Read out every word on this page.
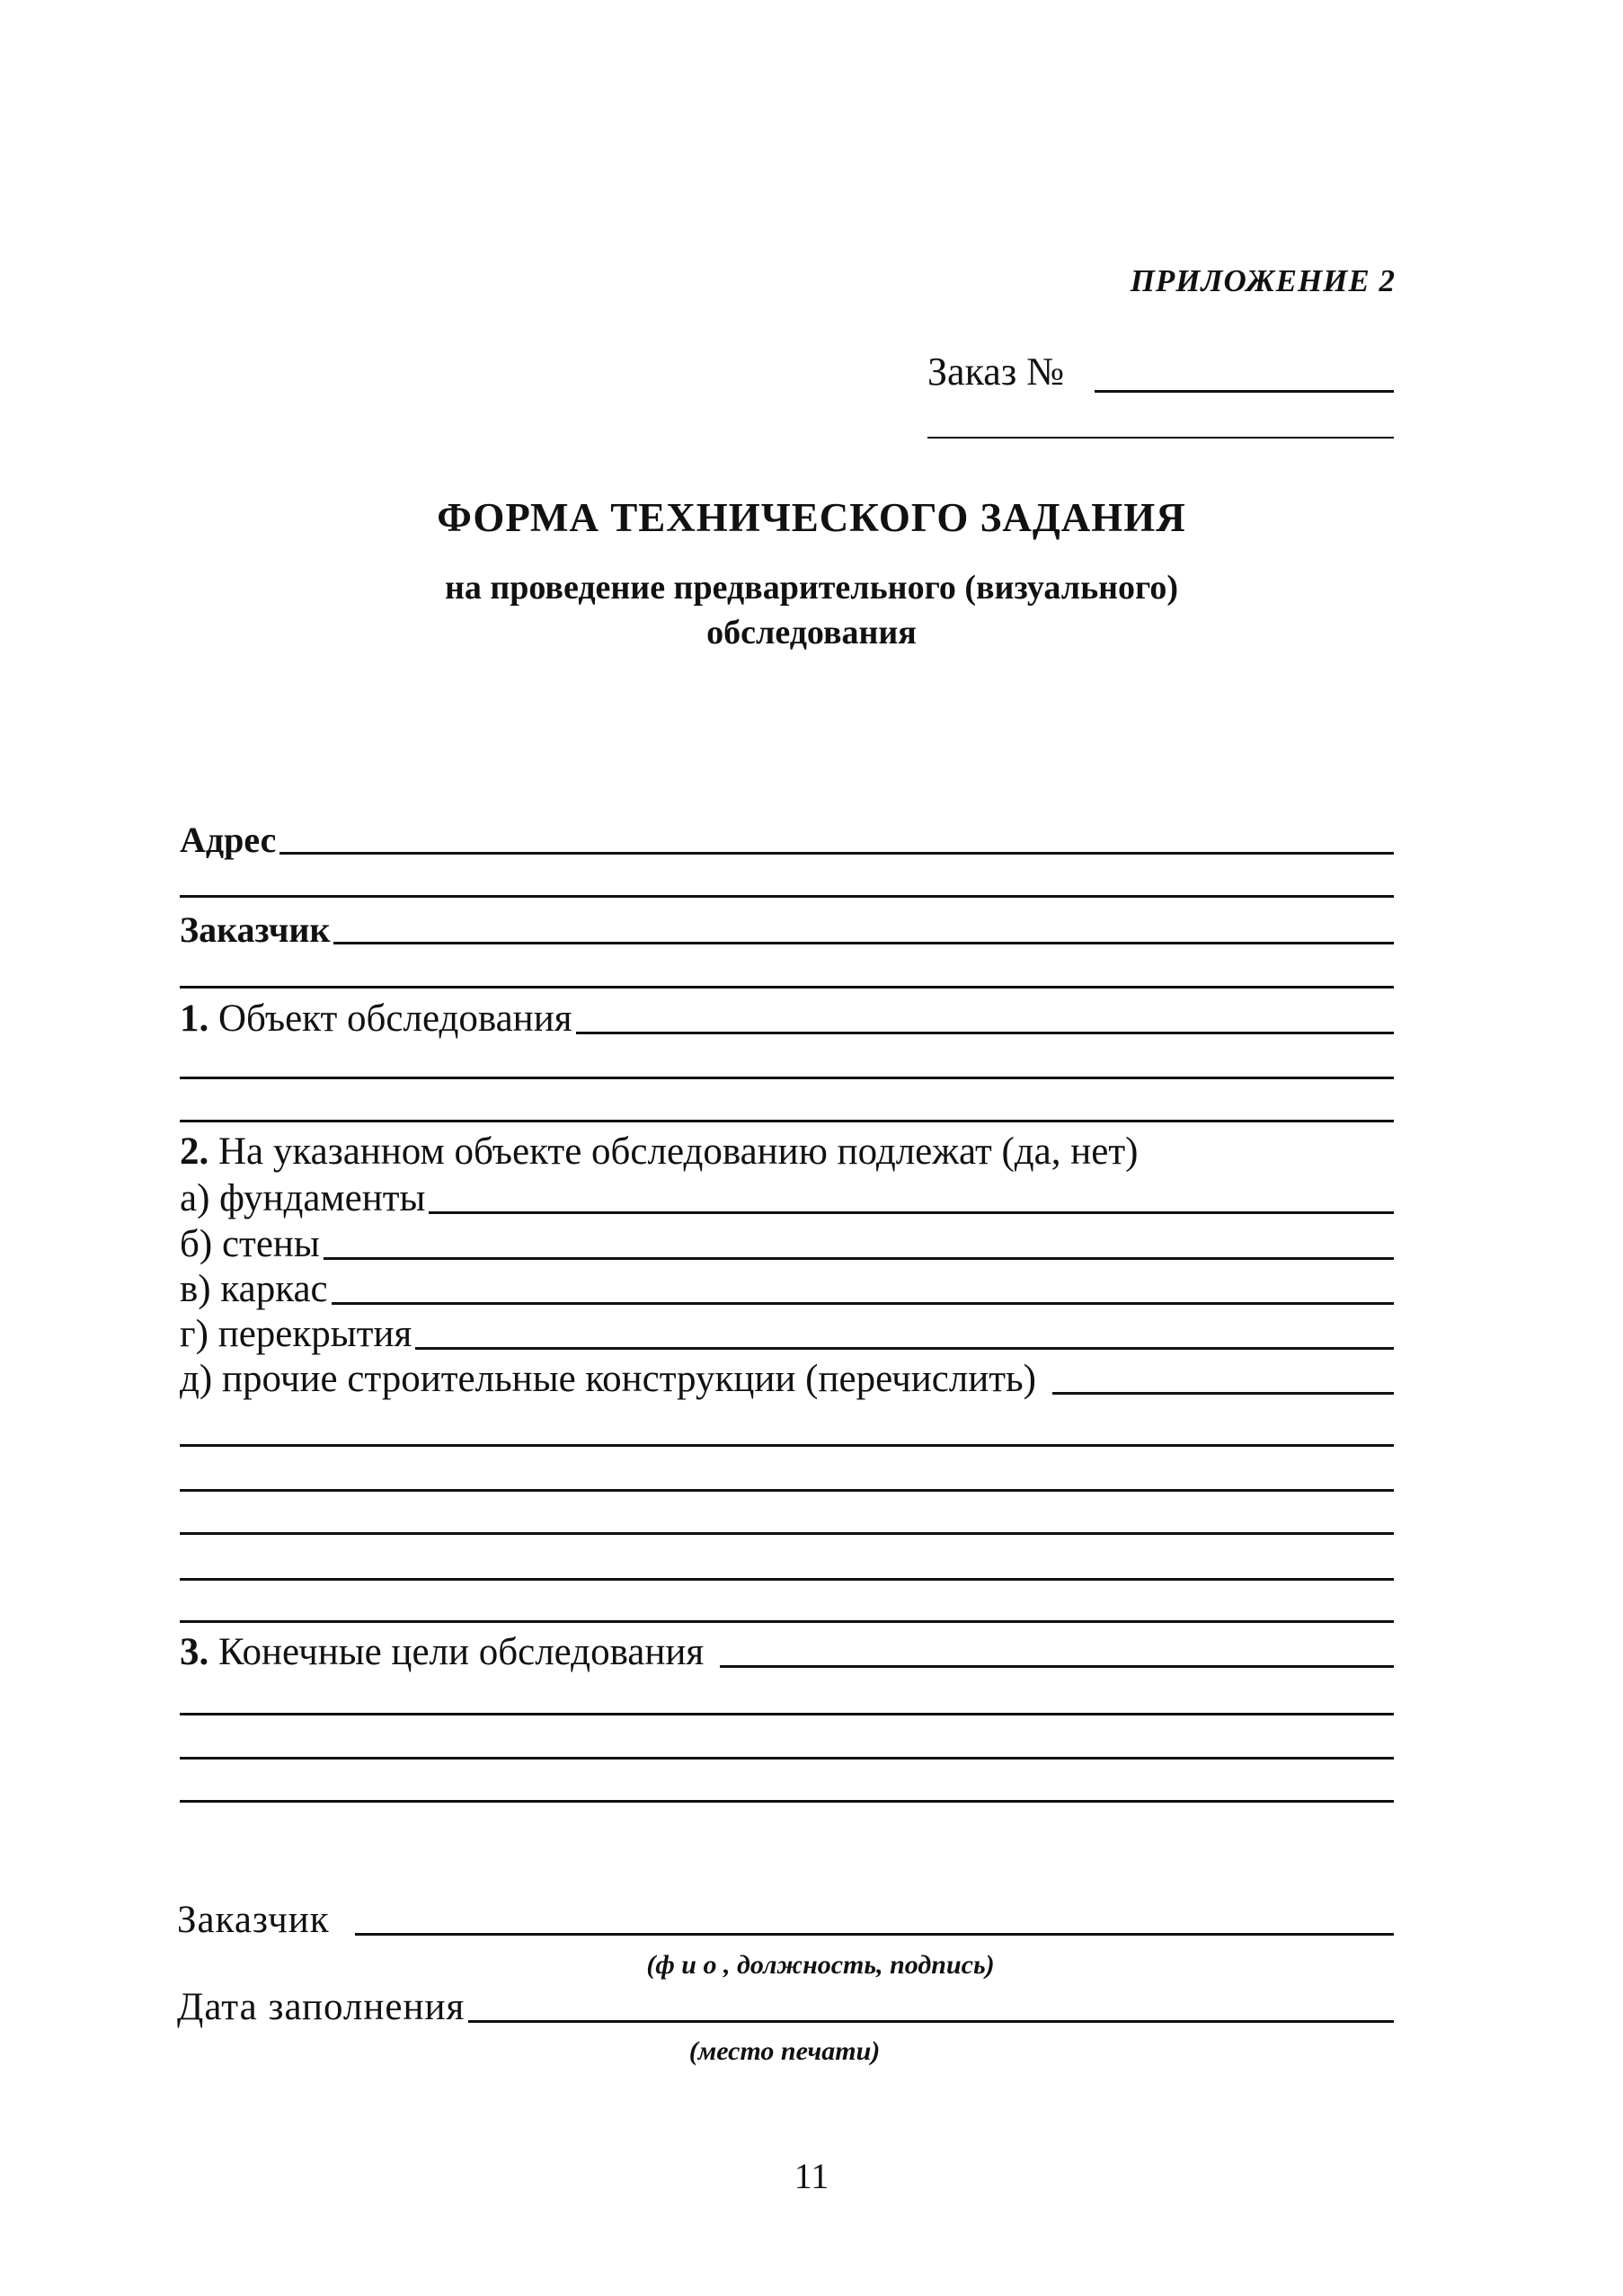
ПРИЛОЖЕНИЕ 2
Заказ №
ФОРМА ТЕХНИЧЕСКОГО ЗАДАНИЯ
на проведение предварительного (визуального)
обследования
Адрес
Заказчик
1. Объект обследования
2. На указанном объекте обследованию подлежат (да, нет)
а) фундаменты
б) стены
в) каркас
г) перекрытия
д) прочие строительные конструкции (перечислить)
3. Конечные цели обследования
Заказчик
(ф и о , должность, подпись)
Дата заполнения
(место печати)
11
